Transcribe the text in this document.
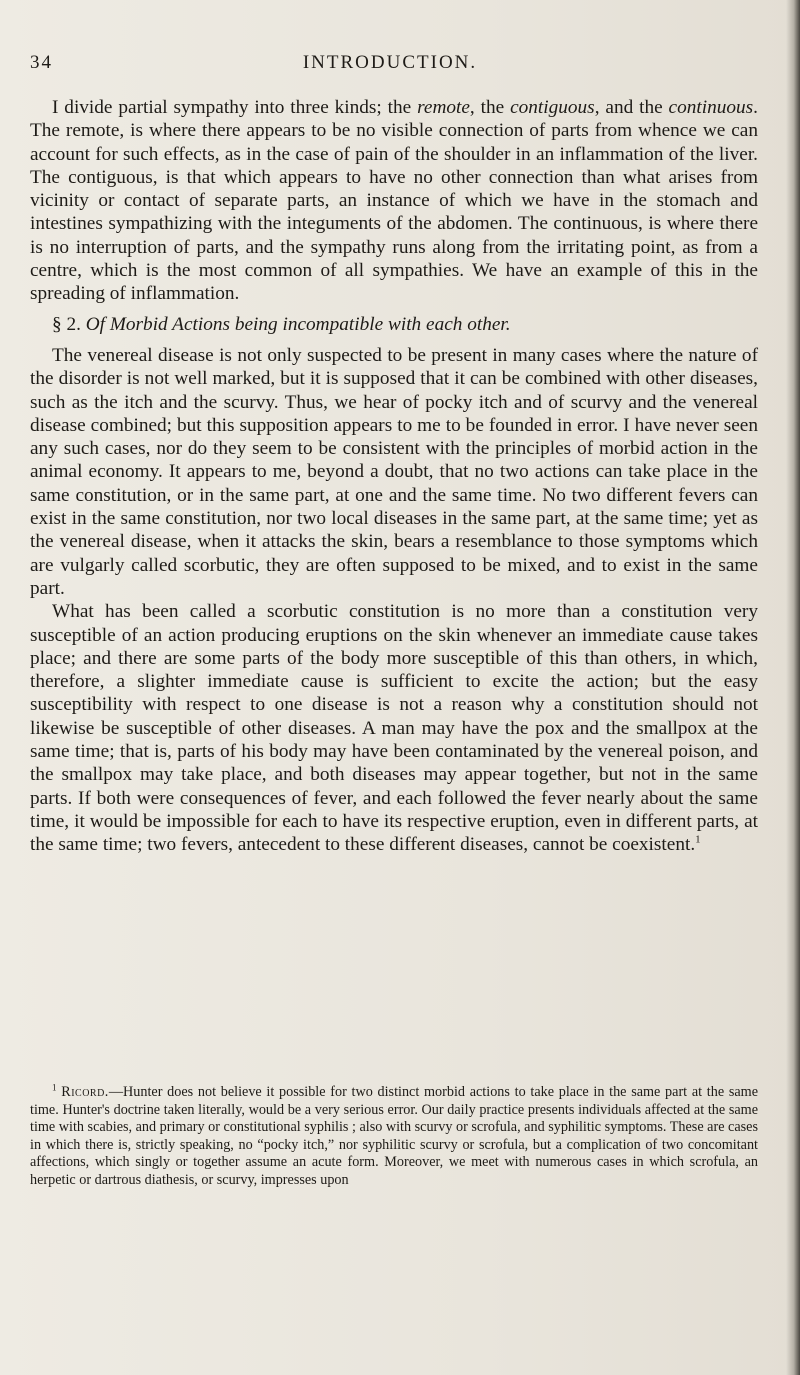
34	INTRODUCTION.

I divide partial sympathy into three kinds; the remote, the contiguous, and the continuous. The remote, is where there appears to be no visible connection of parts from whence we can account for such effects, as in the case of pain of the shoulder in an inflammation of the liver. The contiguous, is that which appears to have no other connection than what arises from vicinity or contact of separate parts, an instance of which we have in the stomach and intestines sympathizing with the integuments of the abdomen. The continuous, is where there is no interruption of parts, and the sympathy runs along from the irritating point, as from a centre, which is the most common of all sympathies. We have an example of this in the spreading of inflammation.

§ 2. Of Morbid Actions being incompatible with each other.

The venereal disease is not only suspected to be present in many cases where the nature of the disorder is not well marked, but it is supposed that it can be combined with other diseases, such as the itch and the scurvy. Thus, we hear of pocky itch and of scurvy and the venereal disease combined; but this supposition appears to me to be founded in error. I have never seen any such cases, nor do they seem to be consistent with the principles of morbid action in the animal economy. It appears to me, beyond a doubt, that no two actions can take place in the same constitution, or in the same part, at one and the same time. No two different fevers can exist in the same constitution, nor two local diseases in the same part, at the same time; yet as the venereal disease, when it attacks the skin, bears a resemblance to those symptoms which are vulgarly called scorbutic, they are often supposed to be mixed, and to exist in the same part.

What has been called a scorbutic constitution is no more than a constitution very susceptible of an action producing eruptions on the skin whenever an immediate cause takes place; and there are some parts of the body more susceptible of this than others, in which, therefore, a slighter immediate cause is sufficient to excite the action; but the easy susceptibility with respect to one disease is not a reason why a constitution should not likewise be susceptible of other diseases. A man may have the pox and the smallpox at the same time; that is, parts of his body may have been contaminated by the venereal poison, and the smallpox may take place, and both diseases may appear together, but not in the same parts. If both were consequences of fever, and each followed the fever nearly about the same time, it would be impossible for each to have its respective eruption, even in different parts, at the same time; two fevers, antecedent to these different diseases, cannot be coexistent.$^1$

$^1$ Ricord.—Hunter does not believe it possible for two distinct morbid actions to take place in the same part at the same time. Hunter's doctrine taken literally, would be a very serious error. Our daily practice presents individuals affected at the same time with scabies, and primary or constitutional syphilis ; also with scurvy or scrofula, and syphilitic symptoms. These are cases in which there is, strictly speaking, no “pocky itch,” nor syphilitic scurvy or scrofula, but a complication of two concomitant affections, which singly or together assume an acute form. Moreover, we meet with numerous cases in which scrofula, an herpetic or dartrous diathesis, or scurvy, impresses upon
